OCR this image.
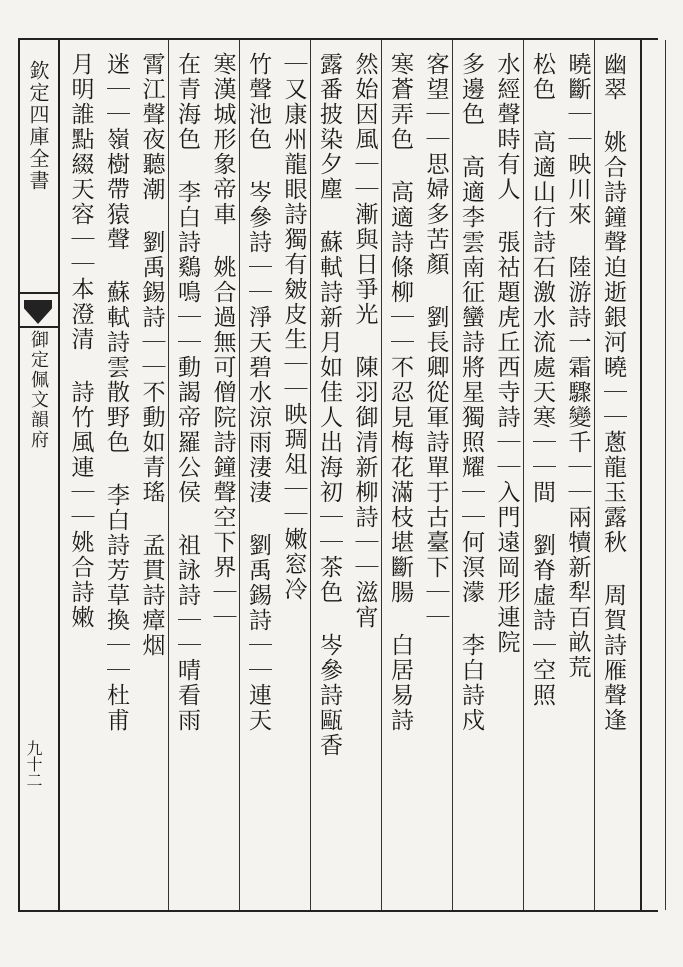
欽定四庫全書
御定佩文韻府
九十二
幽翠 姚合詩鐘聲迫逝銀河曉｜｜蔥龍玉露秋 周賀詩雁聲逢
曉斷｜｜映川來 陸游詩一霜驟變千｜｜兩犢新犁百畝荒
松色 高適山行詩石激水流處天寒｜｜間 劉脊虛詩｜空照
水經聲時有人 張祜題虎丘西寺詩｜｜入門遠岡形連院
多邊色 高適李雲南征蠻詩將星獨照耀｜｜何溟濛 李白詩戍
客望｜｜思婦多苦顏 劉長卿從軍詩單于古臺下｜｜
寒蒼弄色 高適詩條柳｜｜不忍見梅花滿枝堪斷腸 白居易詩
然始因風｜｜漸與日爭光 陳羽御清新柳詩｜｜滋宵
露番披染夕塵 蘇軾詩新月如佳人出海初｜｜茶色 岑參詩甌香
｜又康州龍眼詩獨有皴皮生｜｜映琱俎｜｜嫩窓冷
竹聲池色 岑參詩｜｜淨天碧水涼雨淒淒 劉禹錫詩｜｜連天
寒漢城形象帝車 姚合過無可僧院詩鐘聲空下界｜｜
在青海色 李白詩鷄鳴｜｜動謁帝羅公侯 祖詠詩｜｜晴看雨
霄江聲夜聽潮 劉禹錫詩｜｜不動如青瑤 孟貫詩瘴烟
迷｜｜嶺樹帶猿聲 蘇軾詩雲散野色 李白詩芳草換｜｜杜甫
月明誰點綴天容｜｜本澄清 詩竹風連｜｜姚合詩嫩
